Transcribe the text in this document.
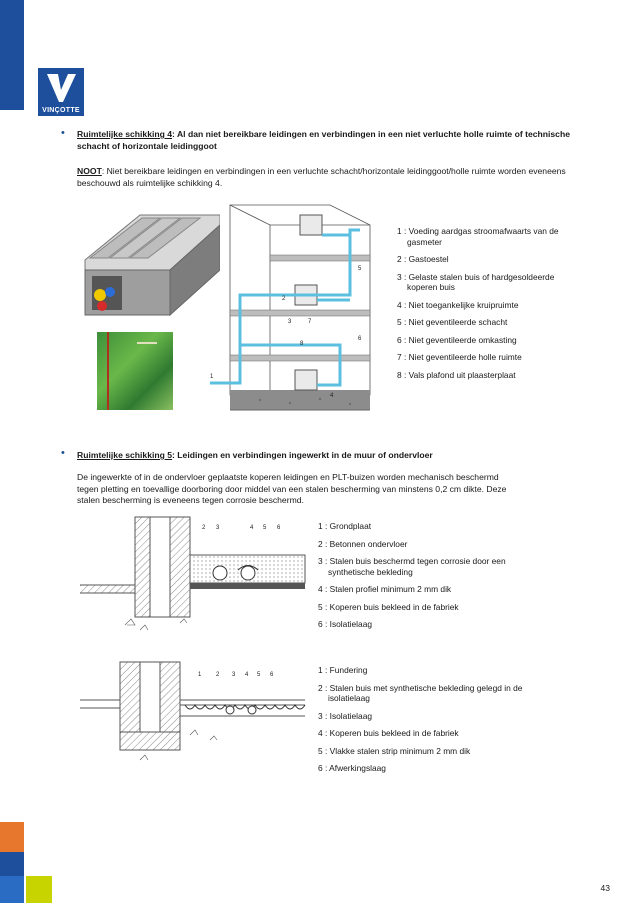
VINÇOTTE
• Ruimtelijke schikking 4: Al dan niet bereikbare leidingen en verbindingen in een niet verluchte holle ruimte of technische schacht of horizontale leidinggoot
NOOT: Niet bereikbare leidingen en verbindingen in een verluchte schacht/horizontale leidinggoot/holle ruimte worden eveneens beschouwd als ruimtelijke schikking 4.
1
2
3
4
5
6
7
8
1 : Voeding aardgas stroomafwaarts van de
gasmeter
2 : Gastoestel
3 : Gelaste stalen buis of hardgesoldeerde
koperen buis
4 : Niet toegankelijke kruipruimte
5 : Niet geventileerde schacht
6 : Niet geventileerde omkasting
7 : Niet geventileerde holle ruimte
8 : Vals plafond uit plaasterplaat
• Ruimtelijke schikking 5: Leidingen en verbindingen ingewerkt in de muur of ondervloer
De ingewerkte of in de ondervloer geplaatste koperen leidingen en PLT-buizen worden mechanisch beschermd tegen pletting en toevallige doorboring door middel van een stalen bescherming van minstens 0,2 cm dikte. Deze stalen bescherming is eveneens tegen corrosie beschermd.
2 3	4 5 6	1 : Grondplaat
2 : Betonnen ondervloer
3 : Stalen buis beschermd tegen corrosie door een
synthetische bekleding
4 : Stalen profiel minimum 2 mm dik
5 : Koperen buis bekleed in de fabriek
6 : Isolatielaag
1 2 3 4 5 6	1 : Fundering
2 : Stalen buis met synthetische bekleding gelegd in de
isolatielaag
3 : Isolatielaag
4 : Koperen buis bekleed in de fabriek
5 : Vlakke stalen strip minimum 2 mm dik
6 : Afwerkingslaag
43
